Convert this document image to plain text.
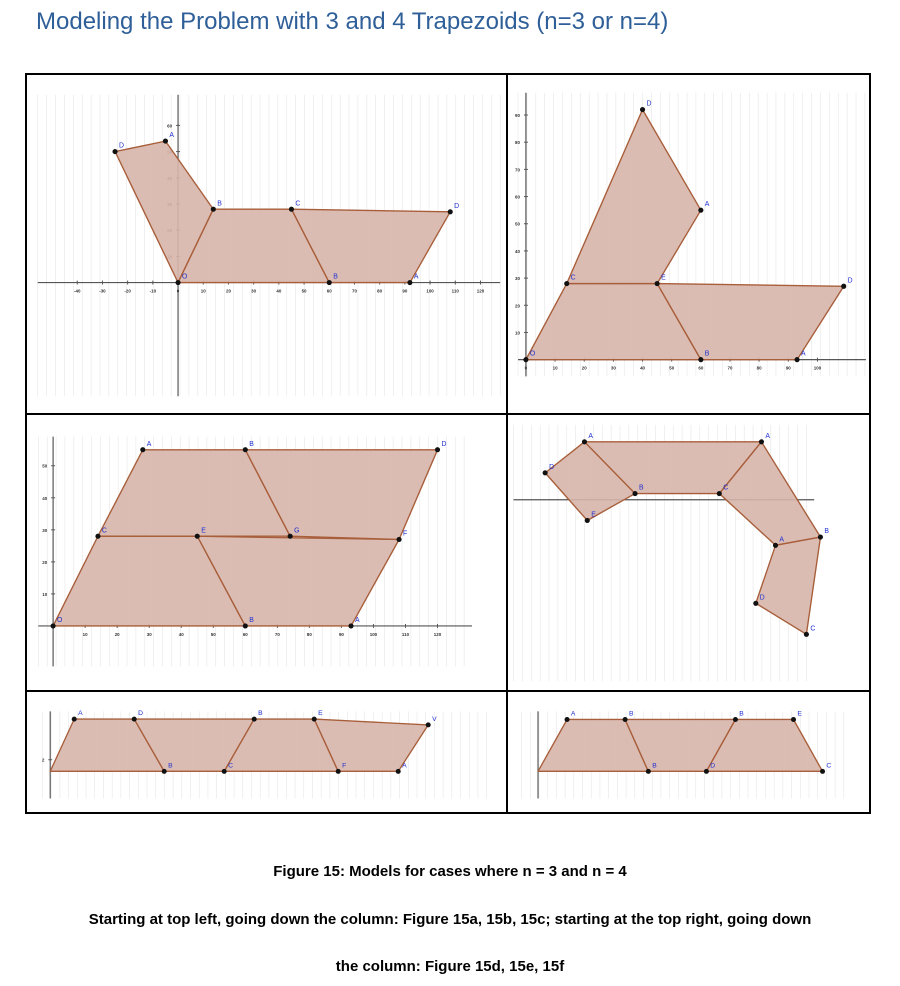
Modeling the Problem with 3 and 4 Trapezoids (n=3 or n=4)
-40	-30	-20	-10	0	10	20	30	40	50	60	70	80	90	100	110	120
60
D
A
B	C	D
B	A
O
0	10	20	30	40	50	60	70	80	90	100
10
20
30
40
50
60
70
80
90
D
A
C	E	D
B	A
O
10	20	30	40	50	60	70	80	90	100	110	120
10
20
30
40
50
A	B	D
C	E	G	F
B	A
O
A	A
B	C
D
E
A
B
D
C
2
A	D	B	E
V
B	C	F	A
A	B	B	E
B	D	C

Figure 15: Models for cases where n = 3 and n = 4

Starting at top left, going down the column: Figure 15a, 15b, 15c; starting at the top right, going down

the column: Figure 15d, 15e, 15f
